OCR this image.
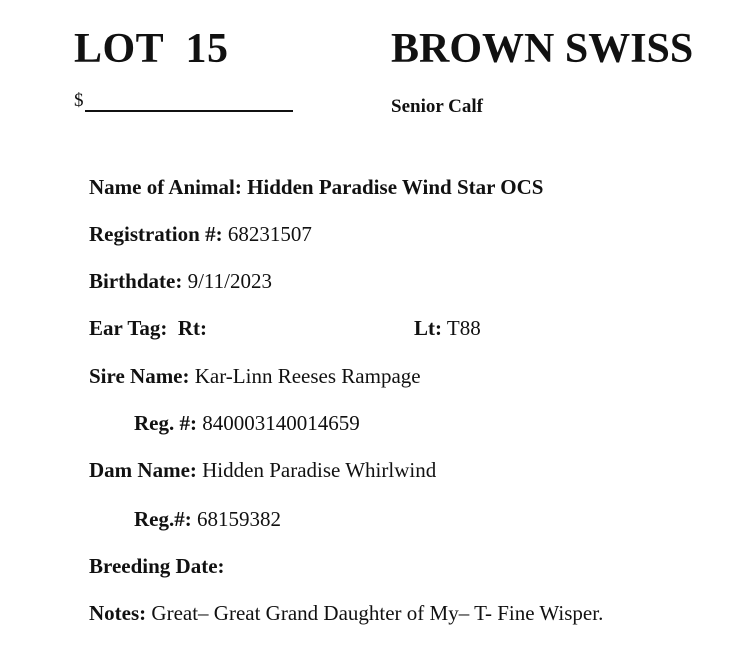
LOT  15	BROWN SWISS
$	Senior Calf
Name of Animal: Hidden Paradise Wind Star OCS
Registration #: 68231507
Birthdate: 9/11/2023
Ear Tag:  Rt:	Lt: T88
Sire Name: Kar-Linn Reeses Rampage
Reg. #: 840003140014659
Dam Name: Hidden Paradise Whirlwind
Reg.#: 68159382
Breeding Date:
Notes: Great– Great Grand Daughter of My– T- Fine Wisper.
